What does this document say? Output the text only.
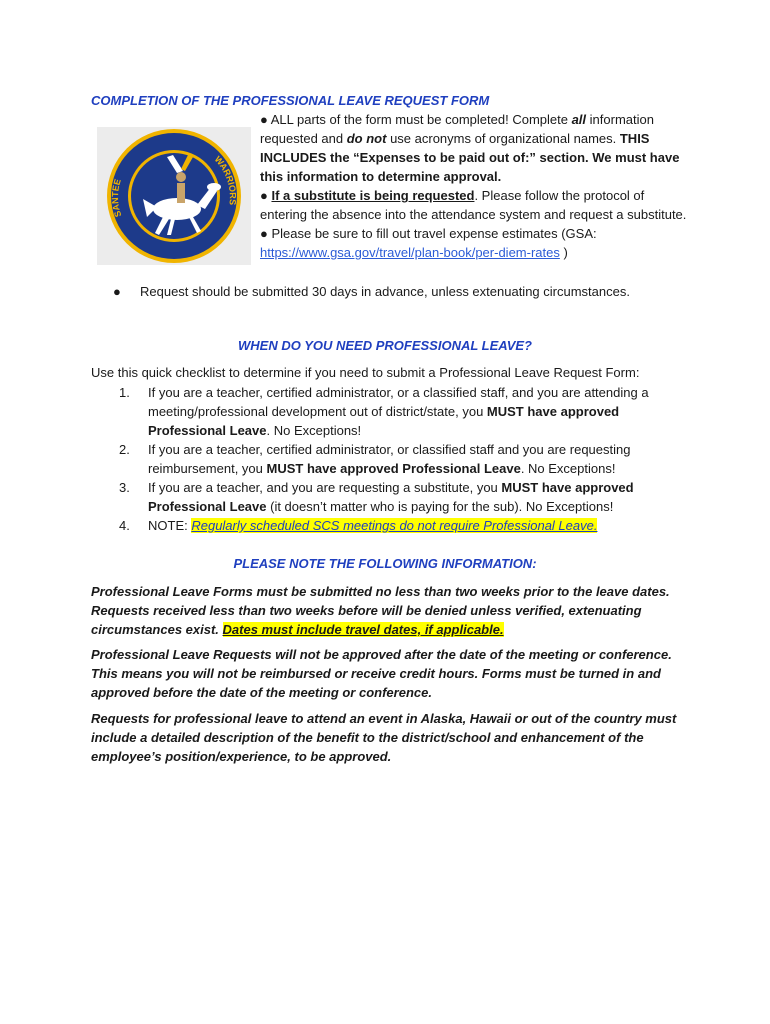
COMPLETION OF THE PROFESSIONAL LEAVE REQUEST FORM
SANTEE
WARRIORS

● ALL parts of the form must be completed! Complete all information requested and do not use acronyms of organizational names. THIS INCLUDES the “Expenses to be paid out of:” section. We must have this information to determine approval.

● If a substitute is being requested. Please follow the protocol of entering the absence into the attendance system and request a substitute.

● Please be sure to fill out travel expense estimates (GSA: https://www.gsa.gov/travel/plan-book/per-diem-rates )

● Request should be submitted 30 days in advance, unless extenuating circumstances.
WHEN DO YOU NEED PROFESSIONAL LEAVE?

Use this quick checklist to determine if you need to submit a Professional Leave Request Form:

1. If you are a teacher, certified administrator, or a classified staff, and you are attending a meeting/professional development out of district/state, you MUST have approved Professional Leave. No Exceptions!
2. If you are a teacher, certified administrator, or classified staff and you are requesting reimbursement, you MUST have approved Professional Leave. No Exceptions!
3. If you are a teacher, and you are requesting a substitute, you MUST have approved Professional Leave (it doesn’t matter who is paying for the sub). No Exceptions!
4. NOTE: Regularly scheduled SCS meetings do not require Professional Leave.
PLEASE NOTE THE FOLLOWING INFORMATION:

Professional Leave Forms must be submitted no less than two weeks prior to the leave dates. Requests received less than two weeks before will be denied unless verified, extenuating circumstances exist. Dates must include travel dates, if applicable.

Professional Leave Requests will not be approved after the date of the meeting or conference. This means you will not be reimbursed or receive credit hours. Forms must be turned in and approved before the date of the meeting or conference.

Requests for professional leave to attend an event in Alaska, Hawaii or out of the country must include a detailed description of the benefit to the district/school and enhancement of the employee’s position/experience, to be approved.
